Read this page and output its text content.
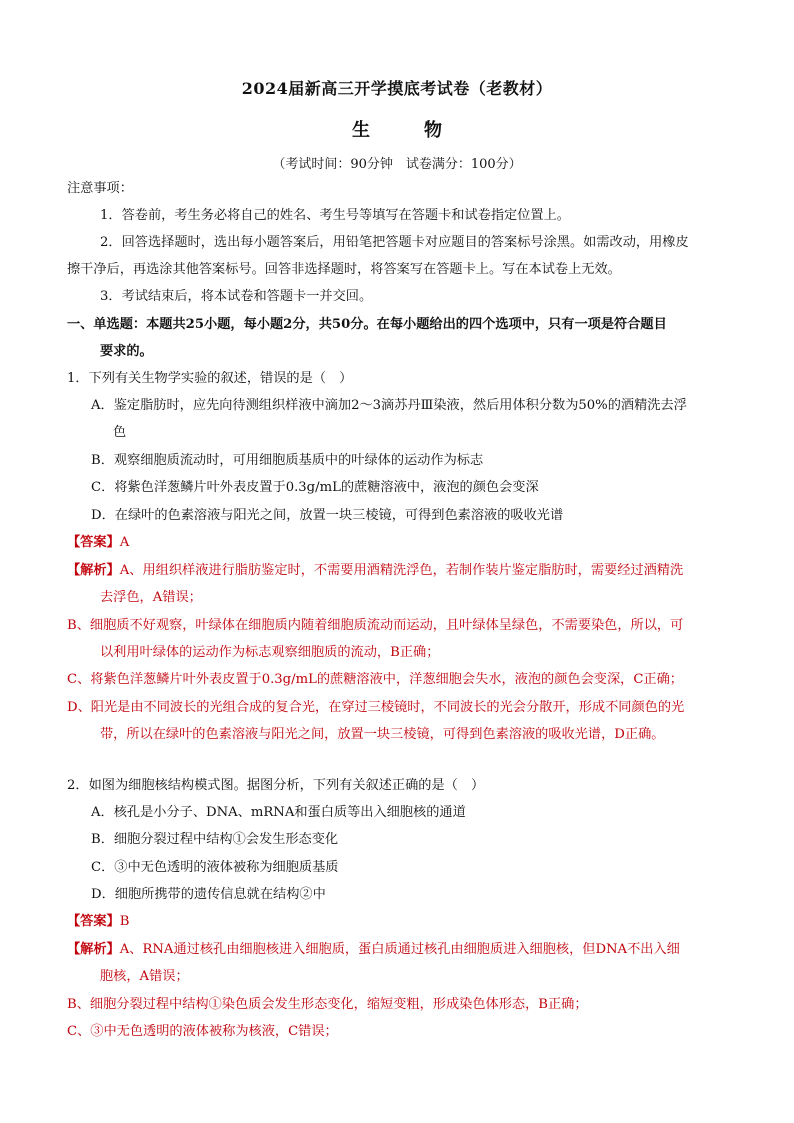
2024届新高三开学摸底考试卷（老教材）
生	物
（考试时间：90分钟　试卷满分：100分）
注意事项：
1．答卷前，考生务必将自己的姓名、考生号等填写在答题卡和试卷指定位置上。
2．回答选择题时，选出每小题答案后，用铅笔把答题卡对应题目的答案标号涂黑。如需改动，用橡皮
擦干净后，再选涂其他答案标号。回答非选择题时，将答案写在答题卡上。写在本试卷上无效。
3．考试结束后，将本试卷和答题卡一并交回。
一、单选题：本题共25小题，每小题2分，共50分。在每小题给出的四个选项中，只有一项是符合题目
要求的。
1．下列有关生物学实验的叙述，错误的是（　）
A．鉴定脂肪时，应先向待测组织样液中滴加2～3滴苏丹Ⅲ染液，然后用体积分数为50%的酒精洗去浮
色
B．观察细胞质流动时，可用细胞质基质中的叶绿体的运动作为标志
C．将紫色洋葱鳞片叶外表皮置于0.3g/mL的蔗糖溶液中，液泡的颜色会变深
D．在绿叶的色素溶液与阳光之间，放置一块三棱镜，可得到色素溶液的吸收光谱
【答案】A
【解析】A、用组织样液进行脂肪鉴定时，不需要用酒精洗浮色，若制作装片鉴定脂肪时，需要经过酒精洗
去浮色，A错误；
B、细胞质不好观察，叶绿体在细胞质内随着细胞质流动而运动，且叶绿体呈绿色，不需要染色，所以，可
以利用叶绿体的运动作为标志观察细胞质的流动，B正确；
C、将紫色洋葱鳞片叶外表皮置于0.3g/mL的蔗糖溶液中，洋葱细胞会失水，液泡的颜色会变深，C正确；
D、阳光是由不同波长的光组合成的复合光，在穿过三棱镜时，不同波长的光会分散开，形成不同颜色的光
带，所以在绿叶的色素溶液与阳光之间，放置一块三棱镜，可得到色素溶液的吸收光谱，D正确。
2．如图为细胞核结构模式图。据图分析，下列有关叙述正确的是（　）
A．核孔是小分子、DNA、mRNA和蛋白质等出入细胞核的通道
B．细胞分裂过程中结构①会发生形态变化
C．③中无色透明的液体被称为细胞质基质
D．细胞所携带的遗传信息就在结构②中
【答案】B
【解析】A、RNA通过核孔由细胞核进入细胞质，蛋白质通过核孔由细胞质进入细胞核，但DNA不出入细
胞核，A错误；
B、细胞分裂过程中结构①染色质会发生形态变化，缩短变粗，形成染色体形态，B正确；
C、③中无色透明的液体被称为核液，C错误；
